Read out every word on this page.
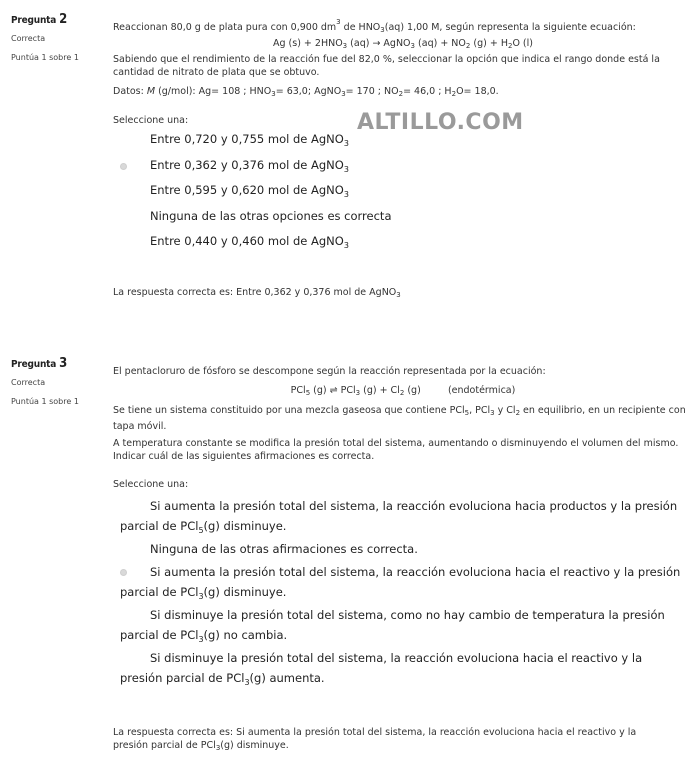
ALTILLO.COM
Pregunta 2
Correcta
Puntúa 1 sobre 1

Reaccionan 80,0 g de plata pura con 0,900 $dm^3$ de $HNO_3(aq)$ 1,00 M, según representa la siguiente ecuación:

Ag $(s) + 2HNO_3$ (aq) → AgNO$_3$ $(aq) + NO_2$ $(g) + H_2O$ (l)

Sabiendo que el rendimiento de la reacción fue del 82,0 %, seleccionar la opción que indica el rango donde está la cantidad de nitrato de plata que se obtuvo.

Datos: M (g/mol): Ag= 108 ; $HNO_3= 63,0$; AgNO$_3$= 170 ; $NO_2= 46,0$ ; $H_2O= 18,0$.

Seleccione una:

Entre 0,720 y 0,755 mol de AgNO$_3$
Entre 0,362 y 0,376 mol de AgNO$_3$
Entre 0,595 y 0,620 mol de AgNO$_3$
Ninguna de las otras opciones es correcta
Entre 0,440 y 0,460 mol de AgNO$_3$

La respuesta correcta es: Entre 0,362 y 0,376 mol de AgNO$_3$

Pregunta 3
Correcta
Puntúa 1 sobre 1

El pentacloruro de fósforo se descompone según la reacción representada por la ecuación:

PCl$_5$ (g) ⇌ PCl$_3$ $(g) + Cl_2$ (g)         (endotérmica)

Se tiene un sistema constituido por una mezcla gaseosa que contiene PCl$_5$, PCl$_3$ y $Cl_2$ en equilibrio, en un recipiente con tapa móvil.

A temperatura constante se modifica la presión total del sistema, aumentando o disminuyendo el volumen del mismo. Indicar cuál de las siguientes afirmaciones es correcta.

Seleccione una:

Si aumenta la presión total del sistema, la reacción evoluciona hacia productos y la presión
parcial de PCl$_5$(g) disminuye.
Ninguna de las otras afirmaciones es correcta.
Si aumenta la presión total del sistema, la reacción evoluciona hacia el reactivo y la presión
parcial de PCl$_3$(g) disminuye.
Si disminuye la presión total del sistema, como no hay cambio de temperatura la presión
parcial de PCl$_3$(g) no cambia.
Si disminuye la presión total del sistema, la reacción evoluciona hacia el reactivo y la
presión parcial de PCl$_3$(g) aumenta.

La respuesta correcta es: Si aumenta la presión total del sistema, la reacción evoluciona hacia el reactivo y la
presión parcial de PCl$_3$(g) disminuye.
